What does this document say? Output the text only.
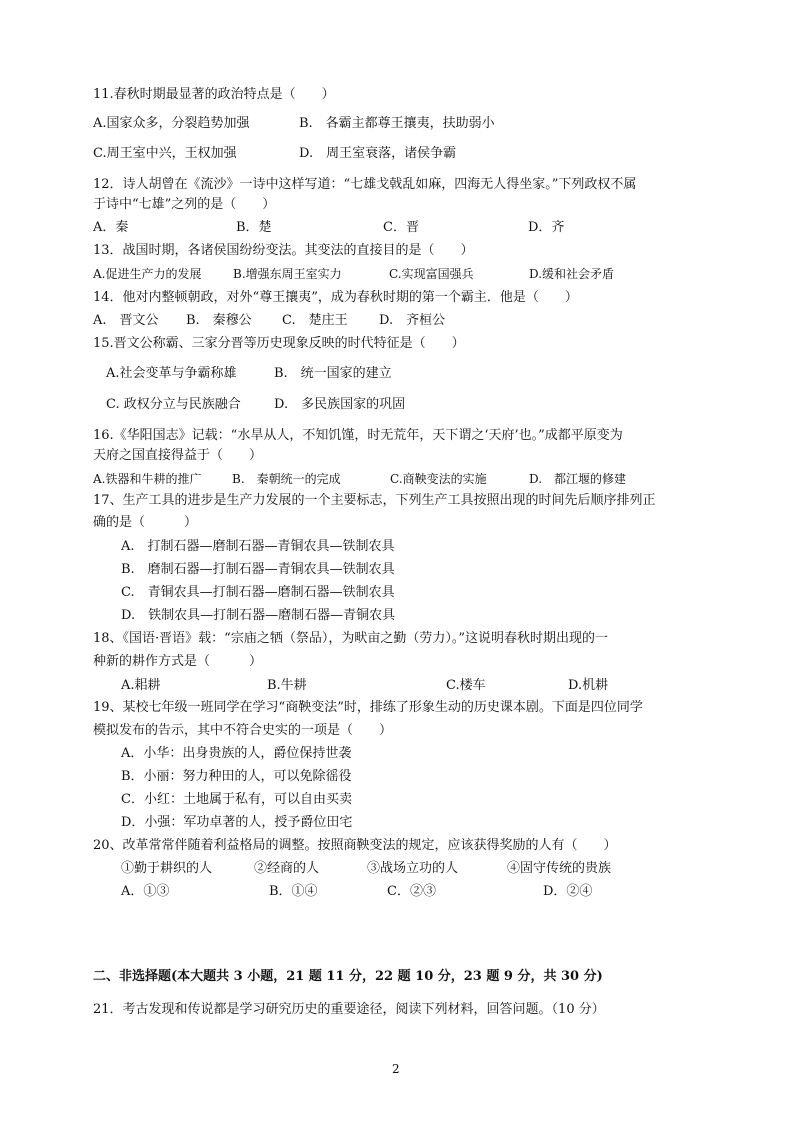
11.春秋时期最显著的政治特点是（　　）
A.国家众多，分裂趋势加强	B.　各霸主都尊王攘夷，扶助弱小
C.周王室中兴，王权加强	D.　周王室衰落，诸侯争霸
12．诗人胡曾在《流沙》一诗中这样写道：“七雄戈戟乱如麻，四海无人得坐家。”下列政权不属
于诗中“七雄”之列的是（　　）
A．秦	B．楚	C．晋	D．齐
13．战国时期，各诸侯国纷纷变法。其变法的直接目的是（　　）
A.促进生产力的发展	B.增强东周王室实力	C.实现富国强兵	D.缓和社会矛盾
14．他对内整顿朝政，对外“尊王攘夷”，成为春秋时期的第一个霸主．他是（　　）
A.　晋文公 B.　秦穆公 C.　楚庄王 D.　齐桓公
15.晋文公称霸、三家分晋等历史现象反映的时代特征是（　　）
A.社会变革与争霸称雄	B.　统一国家的建立
C. 政权分立与民族融合	D.　多民族国家的巩固
16.《华阳国志》记载：“水旱从人，不知饥馑，时无荒年，天下谓之‘天府’也。”成都平原变为
天府之国直接得益于（　　）
A.铁器和牛耕的推广	B.　秦朝统一的完成	C.商鞅变法的实施	D.　都江堰的修建
17、生产工具的进步是生产力发展的一个主要标志，下列生产工具按照出现的时间先后顺序排列正
确的是（　　　）
A.　打制石器—磨制石器—青铜农具—铁制农具
B.　磨制石器—打制石器—青铜农具—铁制农具
C.　青铜农具—打制石器—磨制石器—铁制农具
D.　铁制农具—打制石器—磨制石器—青铜农具
18、《国语·晋语》载：“宗庙之牺（祭品），为畎亩之勤（劳力）。”这说明春秋时期出现的一
种新的耕作方式是（　　　）
A.耜耕	B.牛耕	C.楼车	D.机耕
19、某校七年级一班同学在学习“商鞅变法”时，排练了形象生动的历史课本剧。下面是四位同学
模拟发布的告示，其中不符合史实的一项是（　　）
A．小华：出身贵族的人，爵位保持世袭
B．小丽：努力种田的人，可以免除徭役
C．小红：土地属于私有，可以自由买卖
D．小强：军功卓著的人，授予爵位田宅
20、改革常常伴随着利益格局的调整。按照商鞅变法的规定，应该获得奖励的人有（　　）
①勤于耕织的人	②经商的人	③战场立功的人	④固守传统的贵族
A．①③	B．①④	C．②③	D．②④
二、非选择题(本大题共 3 小题，21 题 11 分，22 题 10 分，23 题 9 分，共 30 分)
21．考古发现和传说都是学习研究历史的重要途径，阅读下列材料，回答问题。（10 分）
2
